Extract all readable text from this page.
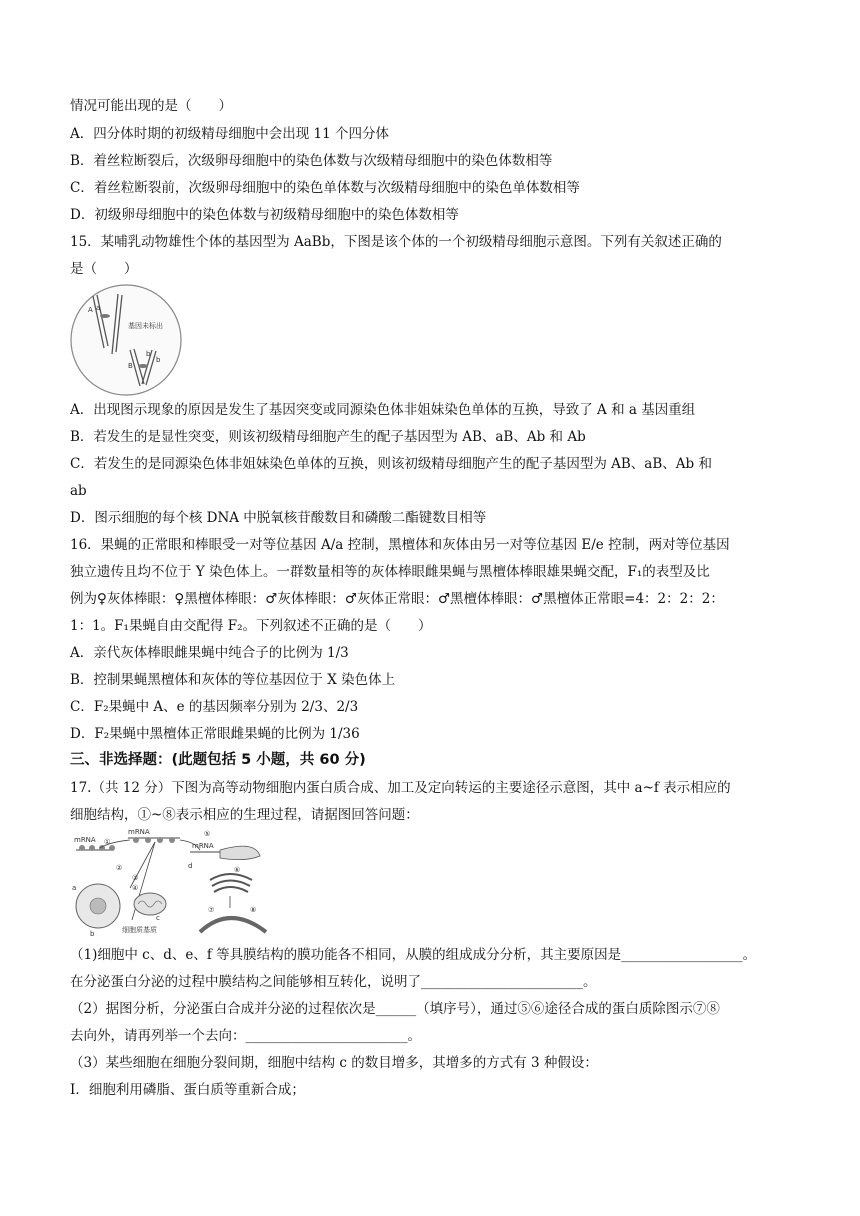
情况可能出现的是（　　）
A．四分体时期的初级精母细胞中会出现 11 个四分体
B．着丝粒断裂后，次级卵母细胞中的染色体数与次级精母细胞中的染色体数相等
C．着丝粒断裂前，次级卵母细胞中的染色单体数与次级精母细胞中的染色单体数相等
D．初级卵母细胞中的染色体数与初级精母细胞中的染色体数相等
15．某哺乳动物雄性个体的基因型为 AaBb，下图是该个体的一个初级精母细胞示意图。下列有关叙述正确的
是（　　）
A a
B
b
b
基因未标出
A．出现图示现象的原因是发生了基因突变或同源染色体非姐妹染色单体的互换，导致了 A 和 a 基因重组
B．若发生的是显性突变，则该初级精母细胞产生的配子基因型为 AB、aB、Ab 和 Ab
C．若发生的是同源染色体非姐妹染色单体的互换，则该初级精母细胞产生的配子基因型为 AB、aB、Ab 和
ab
D．图示细胞的每个核 DNA 中脱氧核苷酸数目和磷酸二酯键数目相等
16．果蝇的正常眼和棒眼受一对等位基因 A/a 控制，黑檀体和灰体由另一对等位基因 E/e 控制，两对等位基因
独立遗传且均不位于 Y 染色体上。一群数量相等的灰体棒眼雌果蝇与黑檀体棒眼雄果蝇交配，F₁的表型及比
例为♀灰体棒眼：♀黑檀体棒眼：♂灰体棒眼：♂灰体正常眼：♂黑檀体棒眼：♂黑檀体正常眼=4：2：2：2：
1：1。F₁果蝇自由交配得 F₂。下列叙述不正确的是（　　）
A．亲代灰体棒眼雌果蝇中纯合子的比例为 1/3
B．控制果蝇黑檀体和灰体的等位基因位于 X 染色体上
C．F₂果蝇中 A、e 的基因频率分别为 2/3、2/3
D．F₂果蝇中黑檀体正常眼雌果蝇的比例为 1/36
三、非选择题：(此题包括 5 小题，共 60 分)
17.（共 12 分）下图为高等动物细胞内蛋白质合成、加工及定向转运的主要途径示意图，其中 a~f 表示相应的
细胞结构，①~⑧表示相应的生理过程，请据图回答问题：
mRNA
mRNA
mRNA
d
a
b
c
①
②
③
④
⑤
⑥
⑦	⑧
细胞质基质
（1)细胞中 c、d、e、f 等具膜结构的膜功能各不相同，从膜的组成成分分析，其主要原因是__________________。
在分泌蛋白分泌的过程中膜结构之间能够相互转化，说明了________________________。
（2）据图分析，分泌蛋白合成并分泌的过程依次是______（填序号），通过⑤⑥途径合成的蛋白质除图示⑦⑧
去向外，请再列举一个去向：________________________。
（3）某些细胞在细胞分裂间期，细胞中结构 c 的数目增多，其增多的方式有 3 种假设：
Ⅰ．细胞利用磷脂、蛋白质等重新合成；
